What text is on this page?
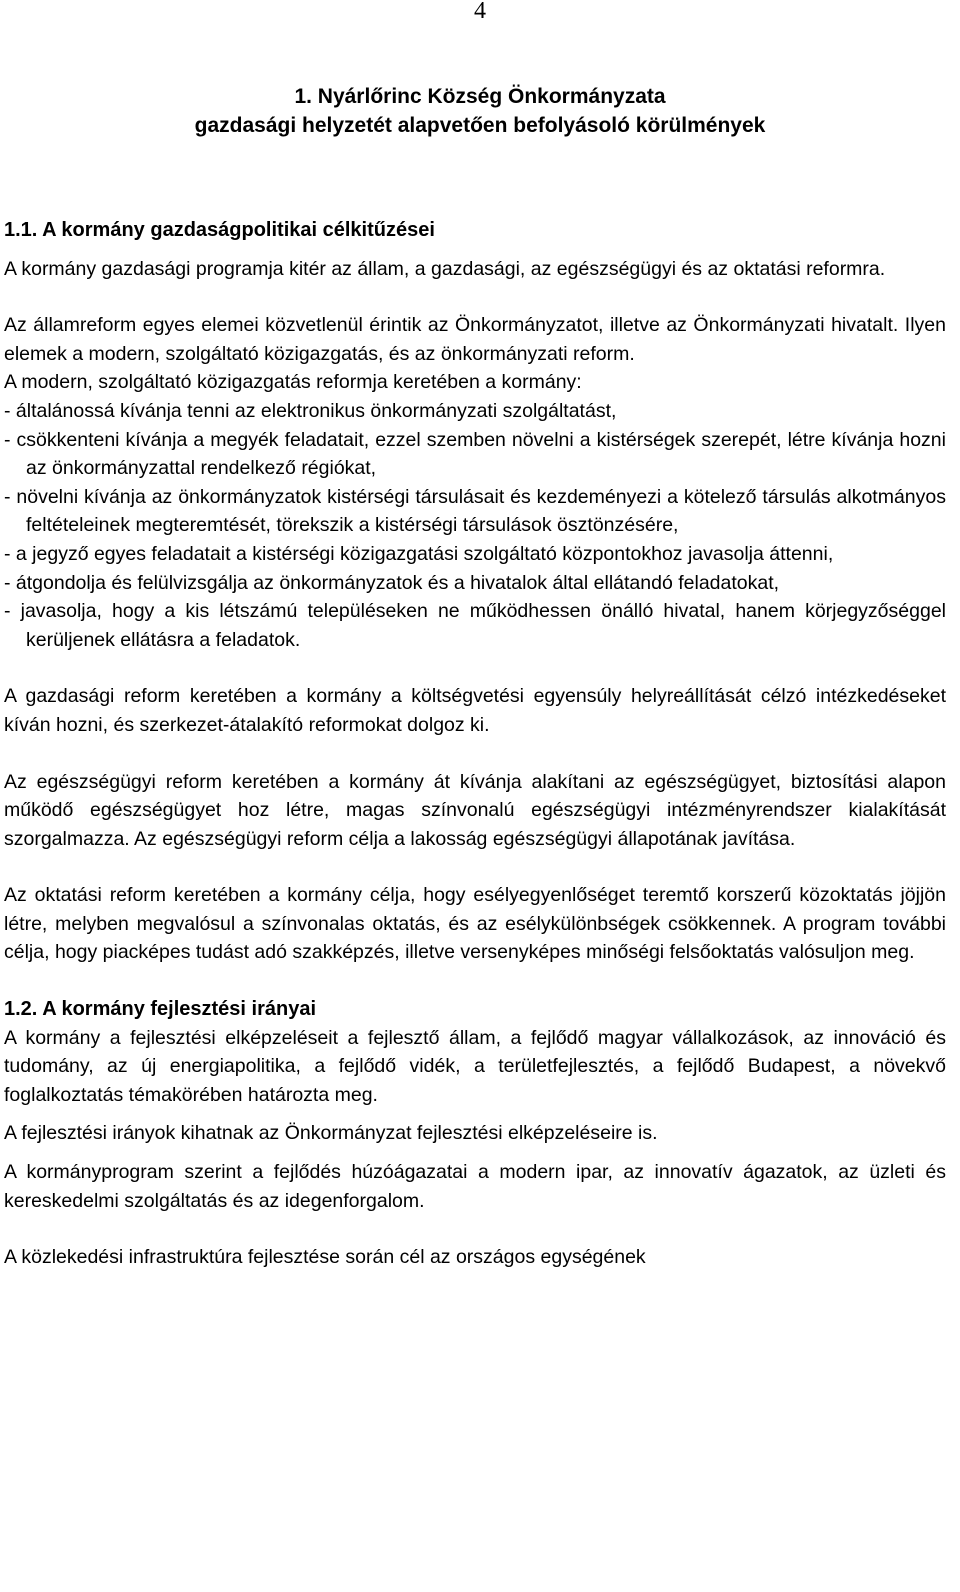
4
1. Nyárlőrinc Község Önkormányzata
gazdasági helyzetét alapvetően befolyásoló körülmények
1.1. A kormány gazdaságpolitikai célkitűzései

A kormány gazdasági programja kitér az állam, a gazdasági, az egészségügyi és az oktatási reformra.

Az államreform egyes elemei közvetlenül érintik az Önkormányzatot, illetve az Önkormányzati hivatalt. Ilyen elemek a modern, szolgáltató közigazgatás, és az önkormányzati reform.

A modern, szolgáltató közigazgatás reformja keretében a kormány:

- általánossá kívánja tenni az elektronikus önkormányzati szolgáltatást,
- csökkenteni kívánja a megyék feladatait, ezzel szemben növelni a kistérségek szerepét, létre kívánja hozni az önkormányzattal rendelkező régiókat,
- növelni kívánja az önkormányzatok kistérségi társulásait és kezdeményezi a kötelező társulás alkotmányos feltételeinek megteremtését, törekszik a kistérségi társulások ösztönzésére,
- a jegyző egyes feladatait a kistérségi közigazgatási szolgáltató központokhoz javasolja áttenni,
- átgondolja és felülvizsgálja az önkormányzatok és a hivatalok által ellátandó feladatokat,
- javasolja, hogy a kis létszámú településeken ne működhessen önálló hivatal, hanem körjegyzőséggel kerüljenek ellátásra a feladatok.

A gazdasági reform keretében a kormány a költségvetési egyensúly helyreállítását célzó intézkedéseket kíván hozni, és szerkezet-átalakító reformokat dolgoz ki.

Az egészségügyi reform keretében a kormány át kívánja alakítani az egészségügyet, biztosítási alapon működő egészségügyet hoz létre, magas színvonalú egészségügyi intézményrendszer kialakítását szorgalmazza. Az egészségügyi reform célja a lakosság egészségügyi állapotának javítása.

Az oktatási reform keretében a kormány célja, hogy esélyegyenlőséget teremtő korszerű közoktatás jöjjön létre, melyben megvalósul a színvonalas oktatás, és az esélykülönbségek csökkennek. A program további célja, hogy piacképes tudást adó szakképzés, illetve versenyképes minőségi felsőoktatás valósuljon meg.

1.2. A kormány fejlesztési irányai

A kormány a fejlesztési elképzeléseit a fejlesztő állam, a fejlődő magyar vállalkozások, az innováció és tudomány, az új energiapolitika, a fejlődő vidék, a területfejlesztés, a fejlődő Budapest, a növekvő foglalkoztatás témakörében határozta meg.

A fejlesztési irányok kihatnak az Önkormányzat fejlesztési elképzeléseire is.

A kormányprogram szerint a fejlődés húzóágazatai a modern ipar, az innovatív ágazatok, az üzleti és kereskedelmi szolgáltatás és az idegenforgalom.

A közlekedési infrastruktúra fejlesztése során cél az országos egységének
